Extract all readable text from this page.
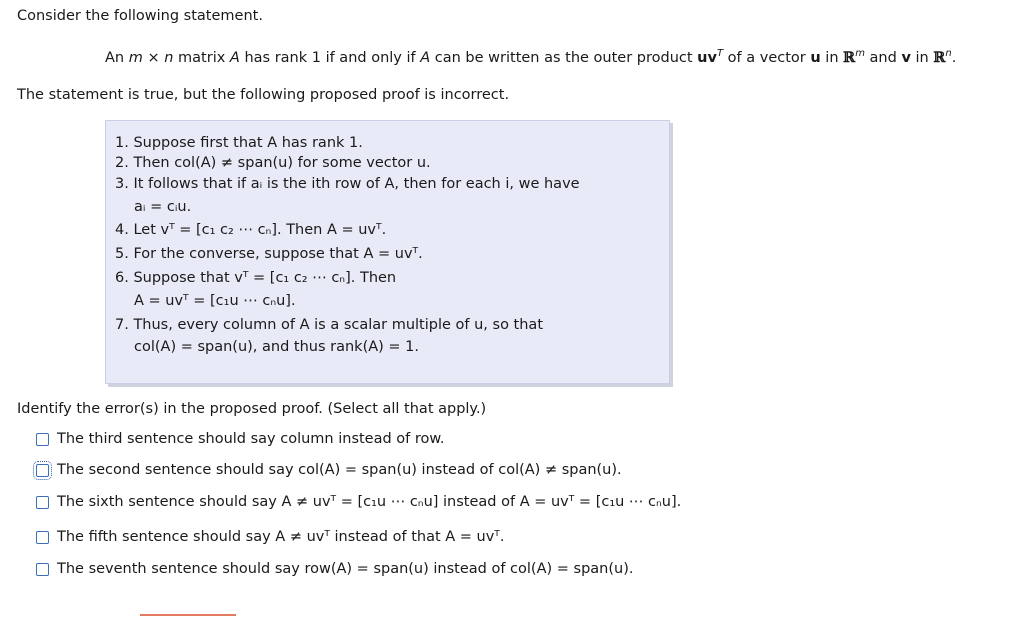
Consider the following statement.
An m × n matrix A has rank 1 if and only if A can be written as the outer product $uv^T$ of a vector u in ℝ$^m$ and v in ℝ$^n$.
The statement is true, but the following proposed proof is incorrect.
1. Suppose first that A has rank 1.
2. Then col(A) ≠ span(u) for some vector u.
3. It follows that if aᵢ is the ith row of A, then for each i, we have
aᵢ = cᵢu.
4. Let vᵀ = [c₁ c₂ ⋯ cₙ]. Then A = uvᵀ.
5. For the converse, suppose that A = uvᵀ.
6. Suppose that vᵀ = [c₁ c₂ ⋯ cₙ]. Then
A = uvᵀ = [c₁u ⋯ cₙu].
7. Thus, every column of A is a scalar multiple of u, so that
col(A) = span(u), and thus rank(A) = 1.
Identify the error(s) in the proposed proof. (Select all that apply.)
The third sentence should say column instead of row.
The second sentence should say col(A) = span(u) instead of col(A) ≠ span(u).
The sixth sentence should say A ≠ uvᵀ = [c₁u ⋯ cₙu] instead of A = uvᵀ = [c₁u ⋯ cₙu].
The fifth sentence should say A ≠ uvᵀ instead of that A = uvᵀ.
The seventh sentence should say row(A) = span(u) instead of col(A) = span(u).
